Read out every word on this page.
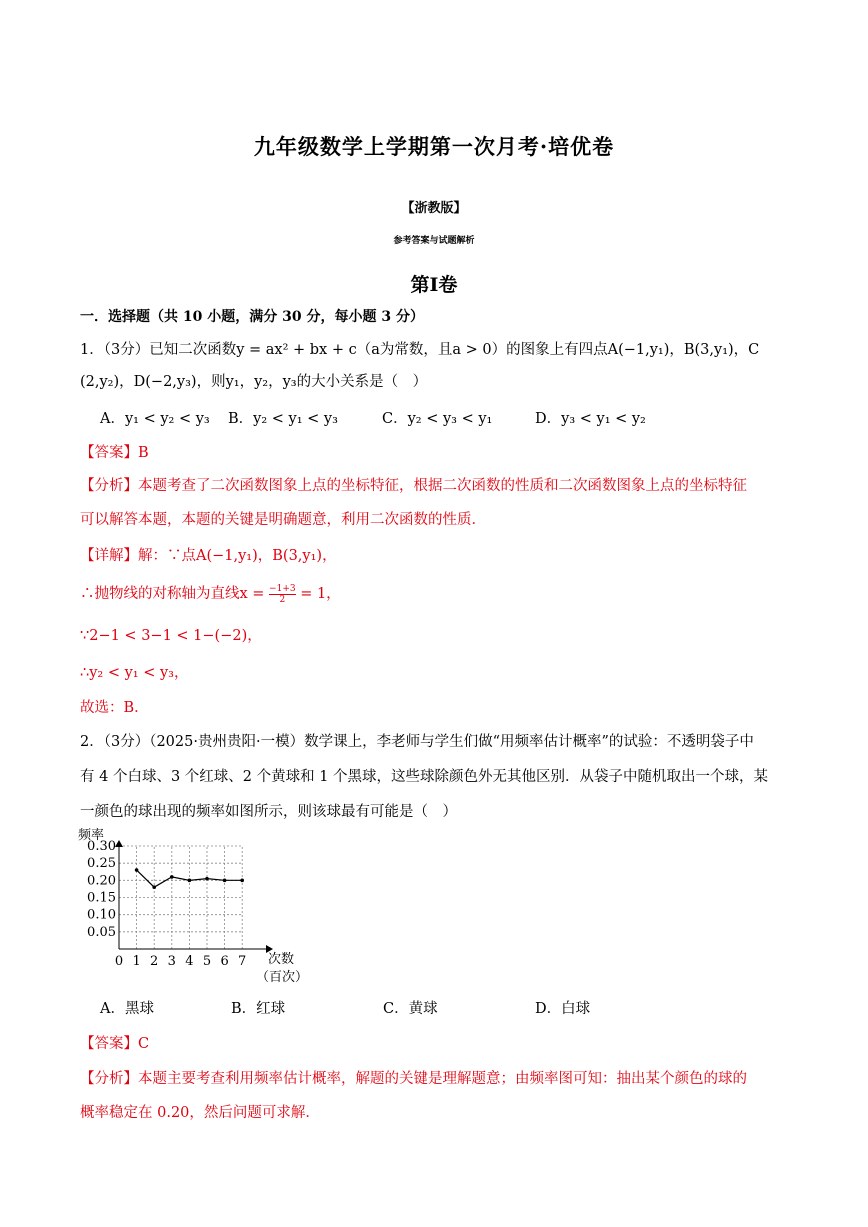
九年级数学上学期第一次月考·培优卷
【浙教版】
参考答案与试题解析
第Ⅰ卷
一．选择题（共 10 小题，满分 30 分，每小题 3 分）
1．（3分）已知二次函数y = ax² + bx + c（a为常数，且a > 0）的图象上有四点A(−1,y₁)，B(3,y₁)，C
(2,y₂)，D(−2,y₃)，则y₁，y₂，y₃的大小关系是（　）
A．y₁ < y₂ < y₃ B．y₂ < y₁ < y₃	C．y₂ < y₃ < y₁	D．y₃ < y₁ < y₂
【答案】B
【分析】本题考查了二次函数图象上点的坐标特征，根据二次函数的性质和二次函数图象上点的坐标特征
可以解答本题，本题的关键是明确题意，利用二次函数的性质．
【详解】解：∵点A(−1,y₁)，B(3,y₁)，
∴抛物线的对称轴为直线$x = \frac{-1+3}{2} = 1$，
∵2−1 < 3−1 < 1−(−2)，
∴y₂ < y₁ < y₃，
故选：B．
2．（3分）（2025·贵州贵阳·一模）数学课上，李老师与学生们做“用频率估计概率”的试验：不透明袋子中
有 4 个白球、3 个红球、2 个黄球和 1 个黑球，这些球除颜色外无其他区别．从袋子中随机取出一个球，某
一颜色的球出现的频率如图所示，则该球最有可能是（　）
0 1 2 3 4 5 6 7
0.05
0.10
0.15
0.20
0.25
0.30
频率
次数
（百次）
A．黑球	B．红球	C．黄球	D．白球
【答案】C
【分析】本题主要考查利用频率估计概率，解题的关键是理解题意；由频率图可知：抽出某个颜色的球的
概率稳定在 0.20，然后问题可求解．
